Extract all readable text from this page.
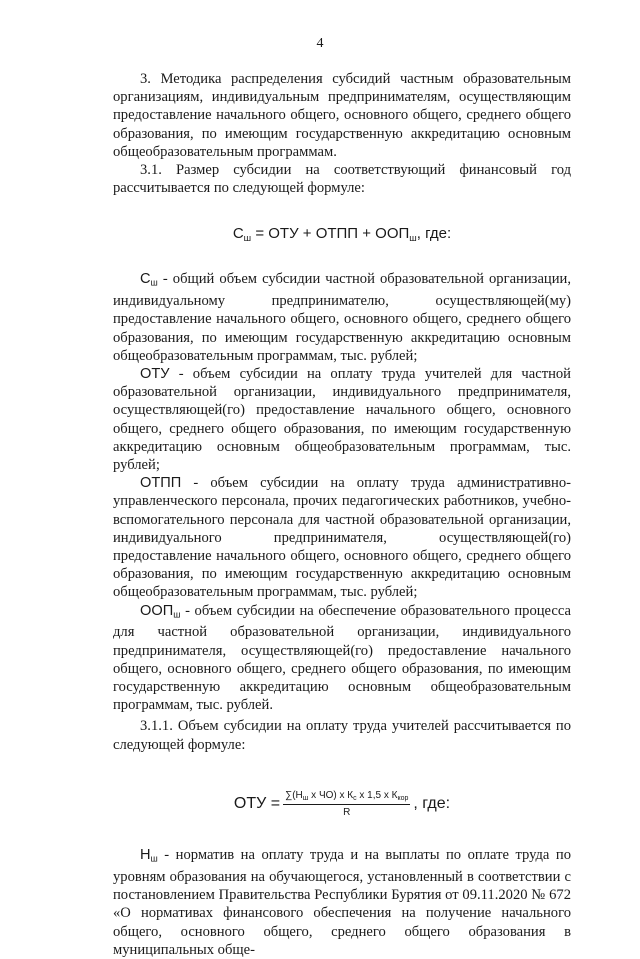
4

3. Методика распределения субсидий частным образовательным организациям, индивидуальным предпринимателям, осуществляющим предоставление начального общего, основного общего, среднего общего образования, по имеющим государственную аккредитацию основным общеобразовательным программам.

3.1. Размер субсидии на соответствующий финансовый год рассчитывается по следующей формуле:

$С_ш$ = ОТУ + ОТПП + $ООП_ш$, где:

$С_ш$ - общий объем субсидии частной образовательной организации, индивидуальному предпринимателю, осуществляющей(му) предоставление начального общего, основного общего, среднего общего образования, по имеющим государственную аккредитацию основным общеобразовательным программам, тыс. рублей;

ОТУ - объем субсидии на оплату труда учителей для частной образовательной организации, индивидуального предпринимателя, осуществляющей(го) предоставление начального общего, основного общего, среднего общего образования, по имеющим государственную аккредитацию основным общеобразовательным программам, тыс. рублей;

ОТПП - объем субсидии на оплату труда административно-управленческого персонала, прочих педагогических работников, учебно-вспомогательного персонала для частной образовательной организации, индивидуального предпринимателя, осуществляющей(го) предоставление начального общего, основного общего, среднего общего образования, по имеющим государственную аккредитацию основным общеобразовательным программам, тыс. рублей;

$ООП_ш$ - объем субсидии на обеспечение образовательного процесса для частной образовательной организации, индивидуального предпринимателя, осуществляющей(го) предоставление начального общего, основного общего, среднего общего образования, по имеющим государственную аккредитацию основным общеобразовательным программам, тыс. рублей.

3.1.1. Объем субсидии на оплату труда учителей рассчитывается по следующей формуле:

ОТУ = $\frac{\sum(Н_ш х ЧО) х К_с х 1,5 х К_{кор}}{R}$ , где:

$Н_ш$ - норматив на оплату труда и на выплаты по оплате труда по уровням образования на обучающегося, установленный в соответствии с постановлением Правительства Республики Бурятия от 09.11.2020 № 672 «О нормативах финансового обеспечения на получение начального общего, основного общего, среднего общего образования в муниципальных обще-
